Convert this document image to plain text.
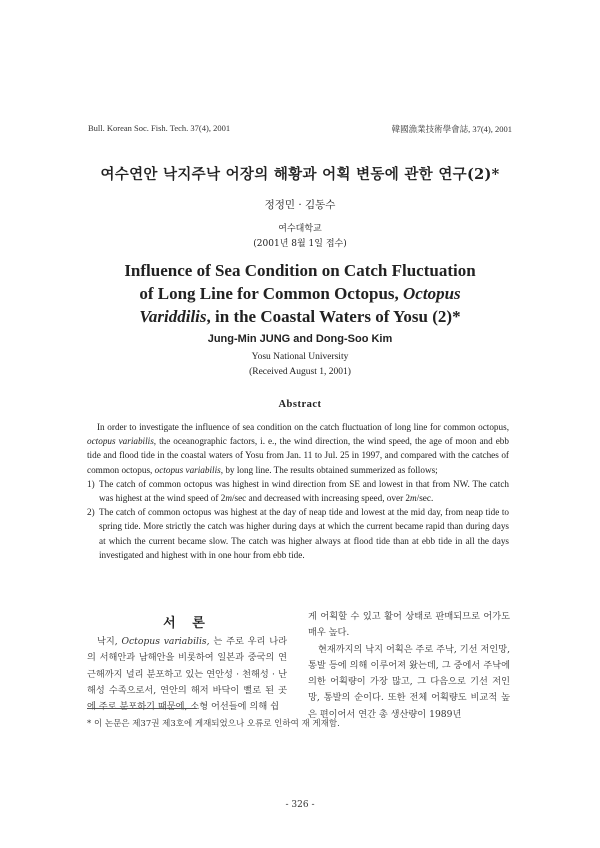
Bull. Korean Soc. Fish. Tech. 37(4), 2001	韓國漁業技術學會誌, 37(4), 2001
여수연안 낙지주낙 어장의 해황과 어획 변동에 관한 연구(2)*
정정민 · 김동수
여수대학교
(2001년 8월 1일 접수)
Influence of Sea Condition on Catch Fluctuation
of Long Line for Common Octopus, Octopus
Variddilis, in the Coastal Waters of Yosu (2)*
Jung-Min JUNG and Dong-Soo Kim
Yosu National University
(Received August 1, 2001)
Abstract

In order to investigate the influence of sea condition on the catch fluctuation of long line for common octopus, octopus variabilis, the oceanographic factors, i. e., the wind direction, the wind speed, the age of moon and ebb tide and flood tide in the coastal waters of Yosu from Jan. 11 to Jul. 25 in 1997, and compared with the catches of common octopus, octopus variabilis, by long line. The results obtained summerized as follows;

1) The catch of common octopus was highest in wind direction from SE and lowest in that from NW. The catch was highest at the wind speed of 2m/sec and decreased with increasing speed, over 2m/sec.
2) The catch of common octopus was highest at the day of neap tide and lowest at the mid day, from neap tide to spring tide. More strictly the catch was higher during days at which the current became rapid than during days at which the current became slow. The catch was higher always at flood tide than at ebb tide in all the days investigated and highest with in one hour from ebb tide.
서 론

낙지, Octopus variabilis, 는 주로 우리 나라의 서해안과 남해안을 비롯하여 일본과 중국의 연근해까지 널리 분포하고 있는 연안성 · 천해성 · 난해성 수족으로서, 연안의 해저 바닥이 뻘로 된 곳에 주로 분포하기 때문에, 소형 어선들에 의해 쉽

게 어획할 수 있고 활어 상태로 판매되므로 어가도 매우 높다.

현재까지의 낙지 어획은 주로 주낙, 기선 저인망, 통발 등에 의해 이루어져 왔는데, 그 중에서 주낙에 의한 어획량이 가장 많고, 그 다음으로 기선 저인망, 통발의 순이다. 또한 전체 어획량도 비교적 높은 편이어서 연간 총 생산량이 1989년

* 이 논문은 제37권 제3호에 게재되었으나 오류로 인하여 재 게재함.
- 326 -
